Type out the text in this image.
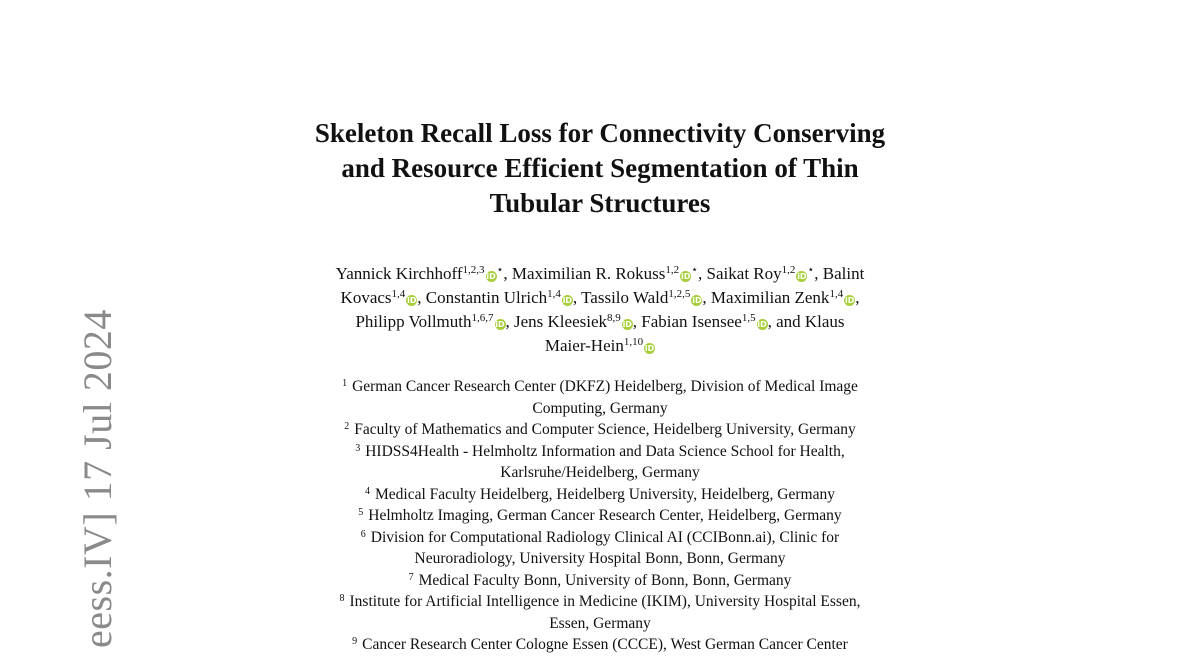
eess.IV] 17 Jul 2024
Skeleton Recall Loss for Connectivity Conserving
and Resource Efficient Segmentation of Thin
Tubular Structures
Yannick Kirchhoff$^{1,2,3}$iD⋆, Maximilian R. Rokuss$^{1,2}$iD⋆, Saikat Roy$^{1,2}$iD⋆, Balint
Kovacs$^{1,4}$iD, Constantin Ulrich$^{1,4}$iD, Tassilo Wald$^{1,2,5}$iD, Maximilian Zenk$^{1,4}$iD,
Philipp Vollmuth$^{1,6,7}$iD, Jens Kleesiek$^{8,9}$iD, Fabian Isensee$^{1,5}$iD, and Klaus
Maier-Hein$^{1,10}$iD
$^1$ German Cancer Research Center (DKFZ) Heidelberg, Division of Medical Image
Computing, Germany
$^2$ Faculty of Mathematics and Computer Science, Heidelberg University, Germany
$^3$ HIDSS4Health - Helmholtz Information and Data Science School for Health,
Karlsruhe/Heidelberg, Germany
$^4$ Medical Faculty Heidelberg, Heidelberg University, Heidelberg, Germany
$^5$ Helmholtz Imaging, German Cancer Research Center, Heidelberg, Germany
$^6$ Division for Computational Radiology Clinical AI (CCIBonn.ai), Clinic for
Neuroradiology, University Hospital Bonn, Bonn, Germany
$^7$ Medical Faculty Bonn, University of Bonn, Bonn, Germany
$^8$ Institute for Artificial Intelligence in Medicine (IKIM), University Hospital Essen,
Essen, Germany
$^9$ Cancer Research Center Cologne Essen (CCCE), West German Cancer Center
